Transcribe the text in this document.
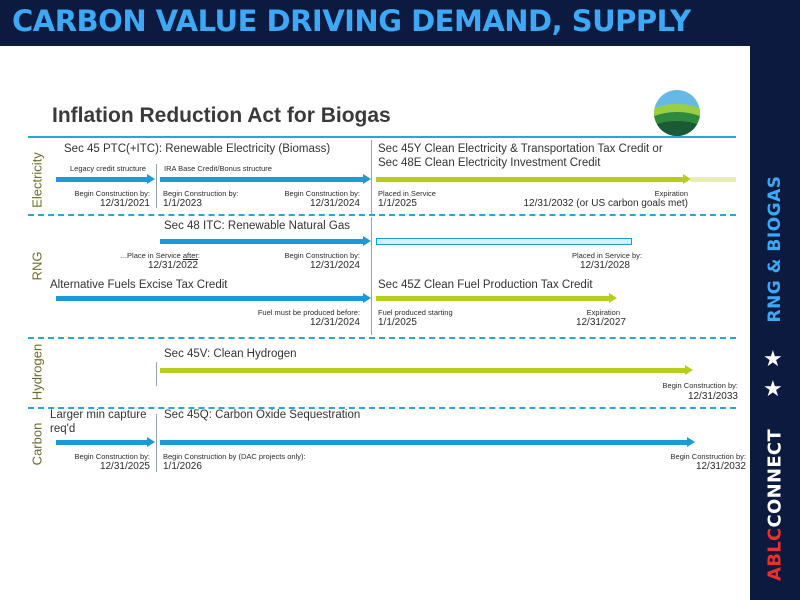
CARBON VALUE DRIVING DEMAND, SUPPLY
RNG & BIOGAS
★
★
ABLCCONNECT
Inflation Reduction Act for Biogas
Electricity
RNG
Hydrogen
Carbon
Sec 45 PTC(+ITC): Renewable Electricity (Biomass)
Legacy credit structure IRA Base Credit/Bonus structure
Sec 45Y Clean Electricity & Transportation Tax Credit or
Sec 48E Clean Electricity Investment Credit
Begin Construction by:
12/31/2021
Begin Construction by:
1/1/2023
Begin Construction by:
12/31/2024
Placed in Service
1/1/2025
Expiration
12/31/2032 (or US carbon goals met)
Sec 48 ITC: Renewable Natural Gas
...Place in Service after:
12/31/2022
Begin Construction by:
12/31/2024
Placed in Service by:
12/31/2028
Alternative Fuels Excise Tax Credit	Sec 45Z Clean Fuel Production Tax Credit
Fuel must be produced before:
12/31/2024
Fuel produced starting
1/1/2025
Expiration
12/31/2027
Sec 45V: Clean Hydrogen
Begin Construction by:
12/31/2033
Larger min capture
req'd
Sec 45Q: Carbon Oxide Sequestration
Begin Construction by:
12/31/2025
Begin Construction by (DAC projects only):
1/1/2026
Begin Construction by:
12/31/2032
